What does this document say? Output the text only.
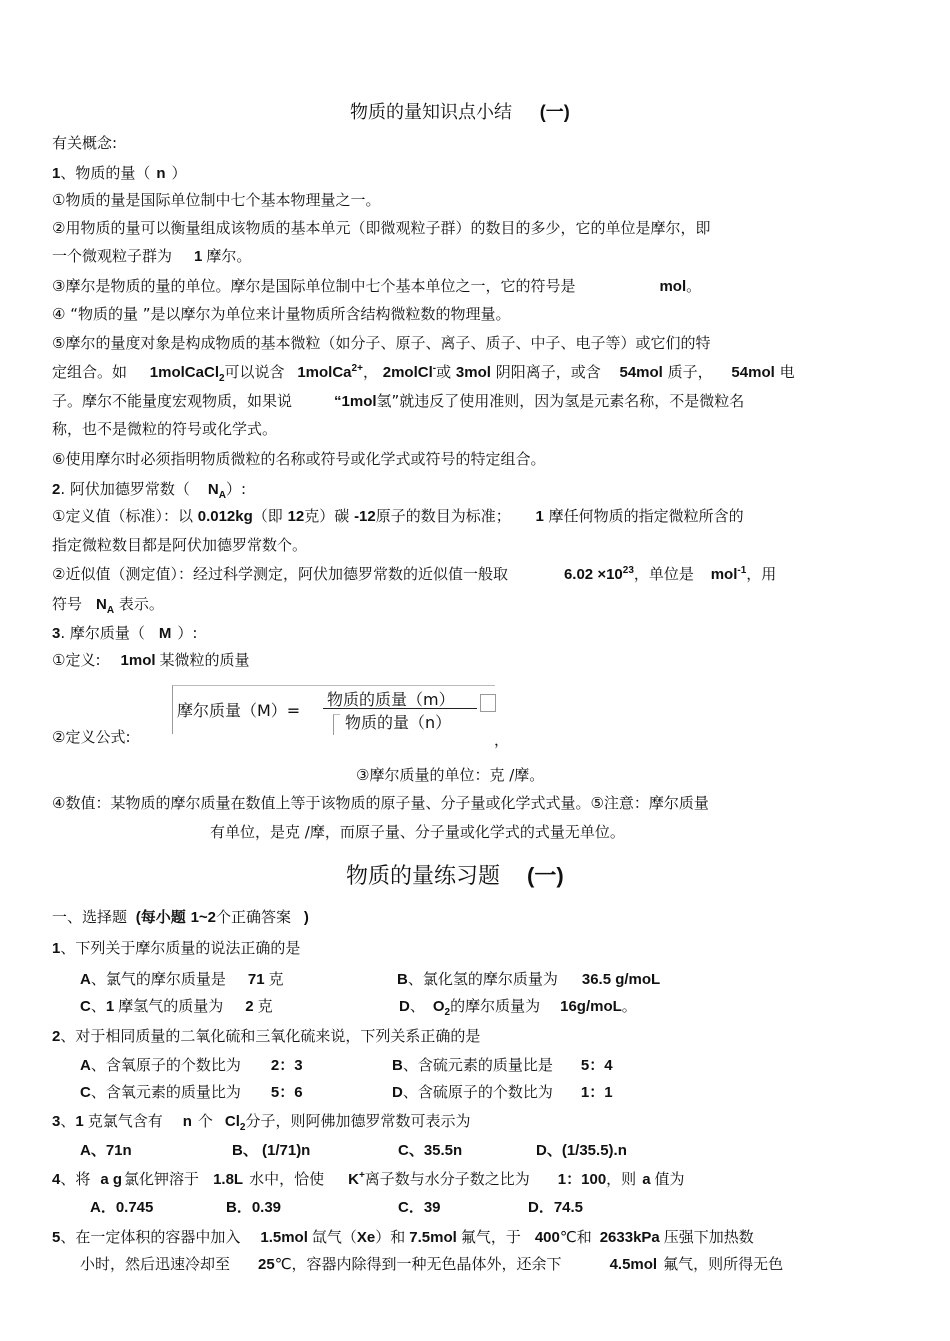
物质的量知识点小结 (一)
有关概念:
1、物质的量（ n ）
①物质的量是国际单位制中七个基本物理量之一。
②用物质的量可以衡量组成该物质的基本单元（即微观粒子群）的数目的多少，它的单位是摩尔，即
一个微观粒子群为 1 摩尔。
③摩尔是物质的量的单位。摩尔是国际单位制中七个基本单位之一，它的符号是	mol。
④ “物质的量 ”是以摩尔为单位来计量物质所含结构微粒数的物理量。
⑤摩尔的量度对象是构成物质的基本微粒（如分子、原子、离子、质子、中子、电子等）或它们的特
定组合。如 1molCaCl$_2$可以说含 1molCa$^{2+}$， 2molCl-或 3mol 阴阳离子，或含 54mol 质子， 54mol 电
子。摩尔不能量度宏观物质，如果说	“1mol氢”就违反了使用准则，因为氢是元素名称，不是微粒名
称，也不是微粒的符号或化学式。
⑥使用摩尔时必须指明物质微粒的名称或符号或化学式或符号的特定组合。
2. 阿伏加德罗常数（ $N_A$）:
①定义值（标准）：以 0.012kg（即 12克）碳 -12原子的数目为标准； 1 摩任何物质的指定微粒所含的
指定微粒数目都是阿伏加德罗常数个。
②近似值（测定值）：经过科学测定，阿伏加德罗常数的近似值一般取	$6.02 \times 10^{23}$，单位是 mol$^{-1}$，用
符号 $N_A$ 表示。
3. 摩尔质量（ M ）:
①定义: 1mol 某微粒的质量
摩尔质量（M）=
物质的质量（m）
物质的量（n）
②定义公式:	，
③摩尔质量的单位：克 /摩。
④数值：某物质的摩尔质量在数值上等于该物质的原子量、分子量或化学式式量。⑤注意：摩尔质量
有单位，是克 /摩，而原子量、分子量或化学式的式量无单位。
物质的量练习题 (一)
一、选择题 (每小题 1~2个正确答案 )
1、下列关于摩尔质量的说法正确的是
A、氯气的摩尔质量是 71 克	B、氯化氢的摩尔质量为 36.5 g/moL
C、1 摩氢气的质量为 2 克	D、 $O_2$的摩尔质量为 16g/moL。
2、对于相同质量的二氧化硫和三氧化硫来说，下列关系正确的是
A、含氧原子的个数比为 2：3	B、含硫元素的质量比是 5：4
C、含氧元素的质量比为 5：6	D、含硫原子的个数比为 1：1
3、1 克氯气含有 n 个 $Cl_2$分子，则阿佛加德罗常数可表示为
A、71n	B、 (1/71)n	C、35.5n	D、(1/35.5).n
4、将 a g 氯化钾溶于 1.8L 水中，恰使 K+离子数与水分子数之比为 1：100，则 a 值为
A．0.745	B．0.39	C．39	D．74.5
5、在一定体积的容器中加入 1.5mol 氙气（Xe）和 7.5mol 氟气，于 400℃和 2633kPa 压强下加热数
小时，然后迅速冷却至 25℃，容器内除得到一种无色晶体外，还余下	4.5mol 氟气，则所得无色
